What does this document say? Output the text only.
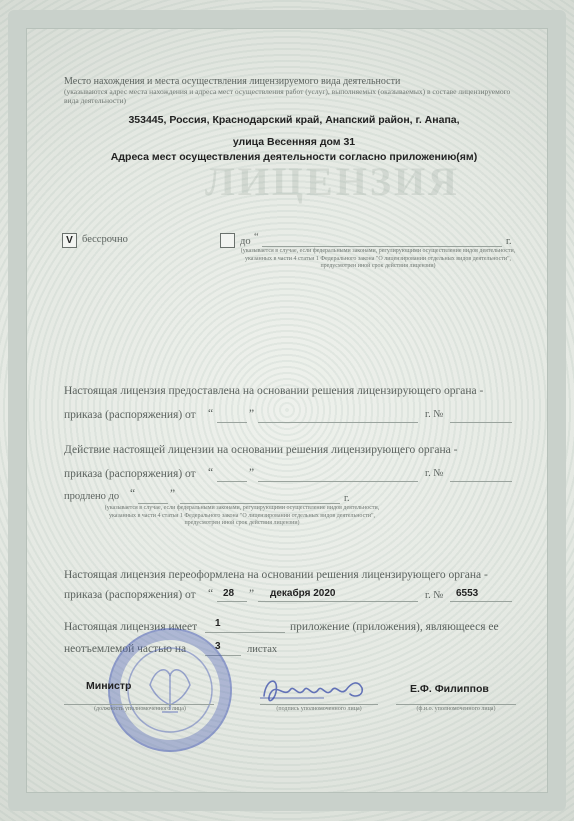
ЛИЦЕНЗИЯ
Место нахождения и места осуществления лицензируемого вида деятельности
(указываются адрес места нахождения и адреса мест осуществления работ (услуг), выполняемых (оказываемых) в составе лицензируемого вида деятельности)
353445, Россия, Краснодарский край, Анапский район, г. Анапа,
улица Весенняя дом 31
Адреса мест осуществления деятельности согласно приложению(ям)
V бессрочно	до “	г.
(указывается в случае, если федеральными законами, регулирующими осуществление видов деятельности, указанных в части 4 статьи 1 Федерального закона "О лицензировании отдельных видов деятельности", предусмотрен иной срок действия лицензии)
Настоящая лицензия предоставлена на основании решения лицензирующего органа -
приказа (распоряжения) от “	”	г. №
Действие настоящей лицензии на основании решения лицензирующего органа -
приказа (распоряжения) от “	”	г. №
продлено до “	”	г.
(указывается в случае, если федеральными законами, регулирующими осуществление видов деятельности, указанных в части 4 статьи 1 Федерального закона "О лицензировании отдельных видов деятельности", предусмотрен иной срок действия лицензии)
Настоящая лицензия переоформлена на основании решения лицензирующего органа -
приказа (распоряжения) от “ 28 ” декабря 2020	г. № 6553
Настоящая лицензия имеет 1	приложение (приложения), являющееся ее
неотъемлемой частью на	3	листах
Министр
(должность уполномоченного лица)	(подпись уполномоченного лица)
Е.Ф. Филиппов
(ф.и.о. уполномоченного лица)
